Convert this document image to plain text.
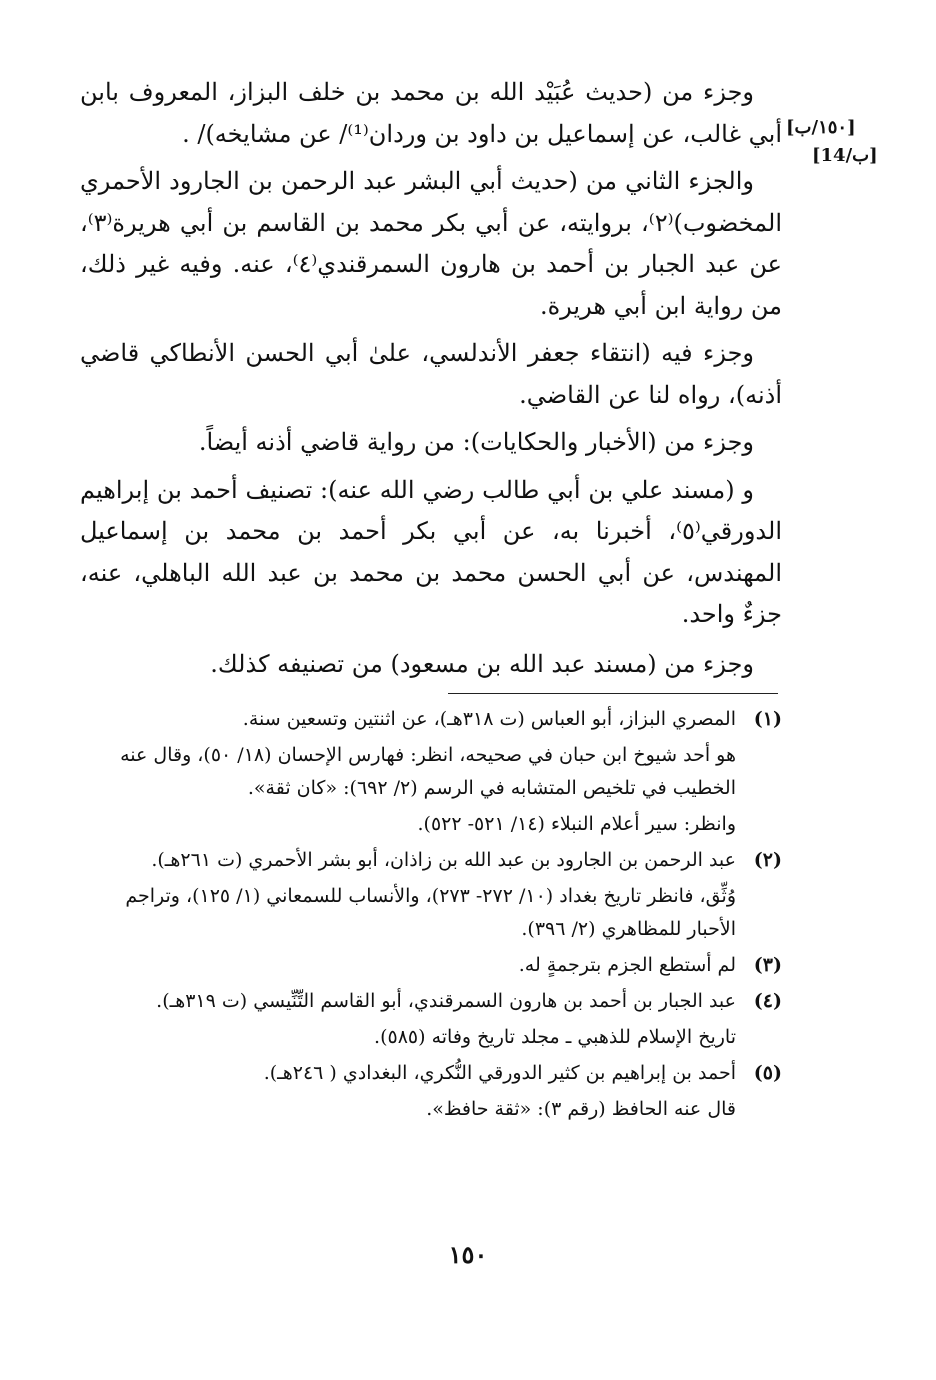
[١٥٠/ب]
[14/ب]

وجزء من (حديث عُبَيْد الله بن محمد بن خلف البزاز، المعروف بابن أبي غالب، عن إسماعيل بن داود بن وردان⁽¹⁾/ عن مشايخه)/ .

والجزء الثاني من (حديث أبي البشر عبد الرحمن بن الجارود الأحمري المخضوب)⁽٢⁾، بروايته، عن أبي بكر محمد بن القاسم بن أبي هريرة⁽٣⁾، عن عبد الجبار بن أحمد بن هارون السمرقندي⁽٤⁾، عنه. وفيه غير ذلك، من رواية ابن أبي هريرة.

وجزء فيه (انتقاء جعفر الأندلسي، علىٰ أبي الحسن الأنطاكي قاضي أذنه)، رواه لنا عن القاضي.

وجزء من (الأخبار والحكايات): من رواية قاضي أذنه أيضاً.

و (مسند علي بن أبي طالب رضي الله عنه): تصنيف أحمد بن إبراهيم الدورقي⁽٥⁾، أخبرنا به، عن أبي بكر أحمد بن محمد بن إسماعيل المهندس، عن أبي الحسن محمد بن محمد بن عبد الله الباهلي، عنه، جزءٌ واحد.

وجزء من (مسند عبد الله بن مسعود) من تصنيفه كذلك.

(١)

المصري البزاز، أبو العباس (ت ٣١٨هـ)، عن اثنتين وتسعين سنة.

هو أحد شيوخ ابن حبان في صحيحه، انظر: فهارس الإحسان (١٨/ ٥٠)، وقال عنه الخطيب في تلخيص المتشابه في الرسم (٢/ ٦٩٢): «كان ثقة».

وانظر: سير أعلام النبلاء (١٤/ ٥٢١- ٥٢٢).

(٢)

عبد الرحمن بن الجارود بن عبد الله بن زاذان، أبو بشر الأحمري (ت ٢٦١هـ).

وُثِّق، فانظر تاريخ بغداد (١٠/ ٢٧٢- ٢٧٣)، والأنساب للسمعاني (١/ ١٢٥)، وتراجم الأحبار للمظاهري (٢/ ٣٩٦).

(٣)

لم أستطع الجزم بترجمةٍ له.

(٤)

عبد الجبار بن أحمد بن هارون السمرقندي، أبو القاسم التِّنِّيسي (ت ٣١٩هـ).

تاريخ الإسلام للذهبي ـ مجلد تاريخ وفاته (٥٨٥).

(٥)

أحمد بن إبراهيم بن كثير الدورقي النُّكري، البغدادي ( ٢٤٦هـ).

قال عنه الحافظ (رقم ٣): «ثقة حافظ».

١٥٠
